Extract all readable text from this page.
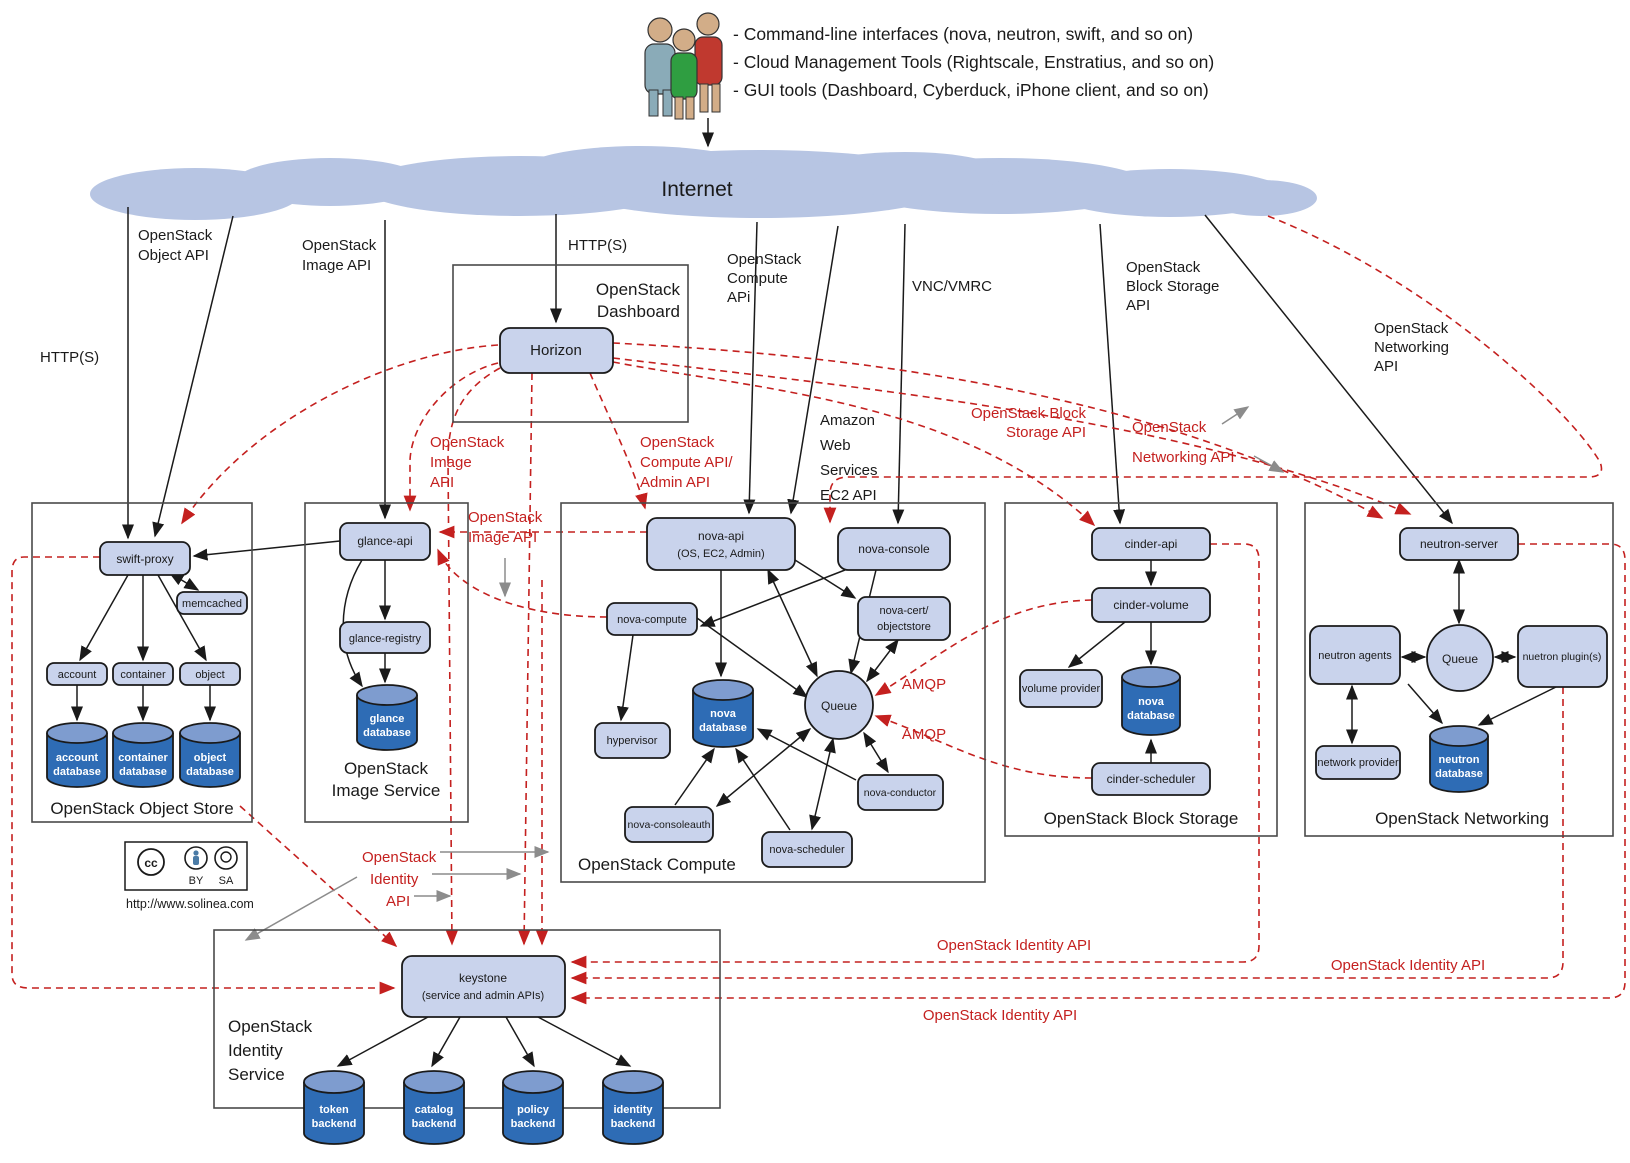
- Command-line interfaces (nova, neutron, swift, and so on)
- Cloud Management Tools (Rightscale, Enstratius, and so on)
- GUI tools (Dashboard, Cyberduck, iPhone client, and so on)
Internet
HTTP(S)
OpenStack
Object API
OpenStack
Image API
HTTP(S)
OpenStack
Compute
APi
VNC/VMRC
Amazon
Web
Services
EC2 API
OpenStack
Block Storage
API
OpenStack
Networking
API
OpenStack
Image
API
OpenStack
Compute API/
Admin API
OpenStack
Image API
OpenStack Block
Storage API	OpenStack
Networking API
AMQP
AMQP
OpenStack
Identity
API
OpenStack Identity API
OpenStack Identity API
OpenStack Identity API
OpenStack Object Store
OpenStack
Image Service
OpenStack
Dashboard
OpenStack Compute
OpenStack Block Storage	OpenStack Networking
OpenStack
Identity
Service
swift-proxy
memcached
account container	object
account
database
container
database
object
database
glance-api
glance-registry
glance
database
Horizon
nova-api
(OS, EC2, Admin)	nova-console
nova-compute
nova-cert/
objectstore
hypervisor
Queue
nova
database
nova-consoleauth
nova-scheduler
nova-conductor
cinder-api
cinder-volume
volume provider
nova
database
cinder-scheduler
neutron-server
neutron agents	Queue	nuetron plugin(s)
network provider	neutron
database
keystone
(service and admin APIs)
token
backend
catalog
backend
policy
backend
identity
backend
cc
BY SA
http://www.solinea.com
